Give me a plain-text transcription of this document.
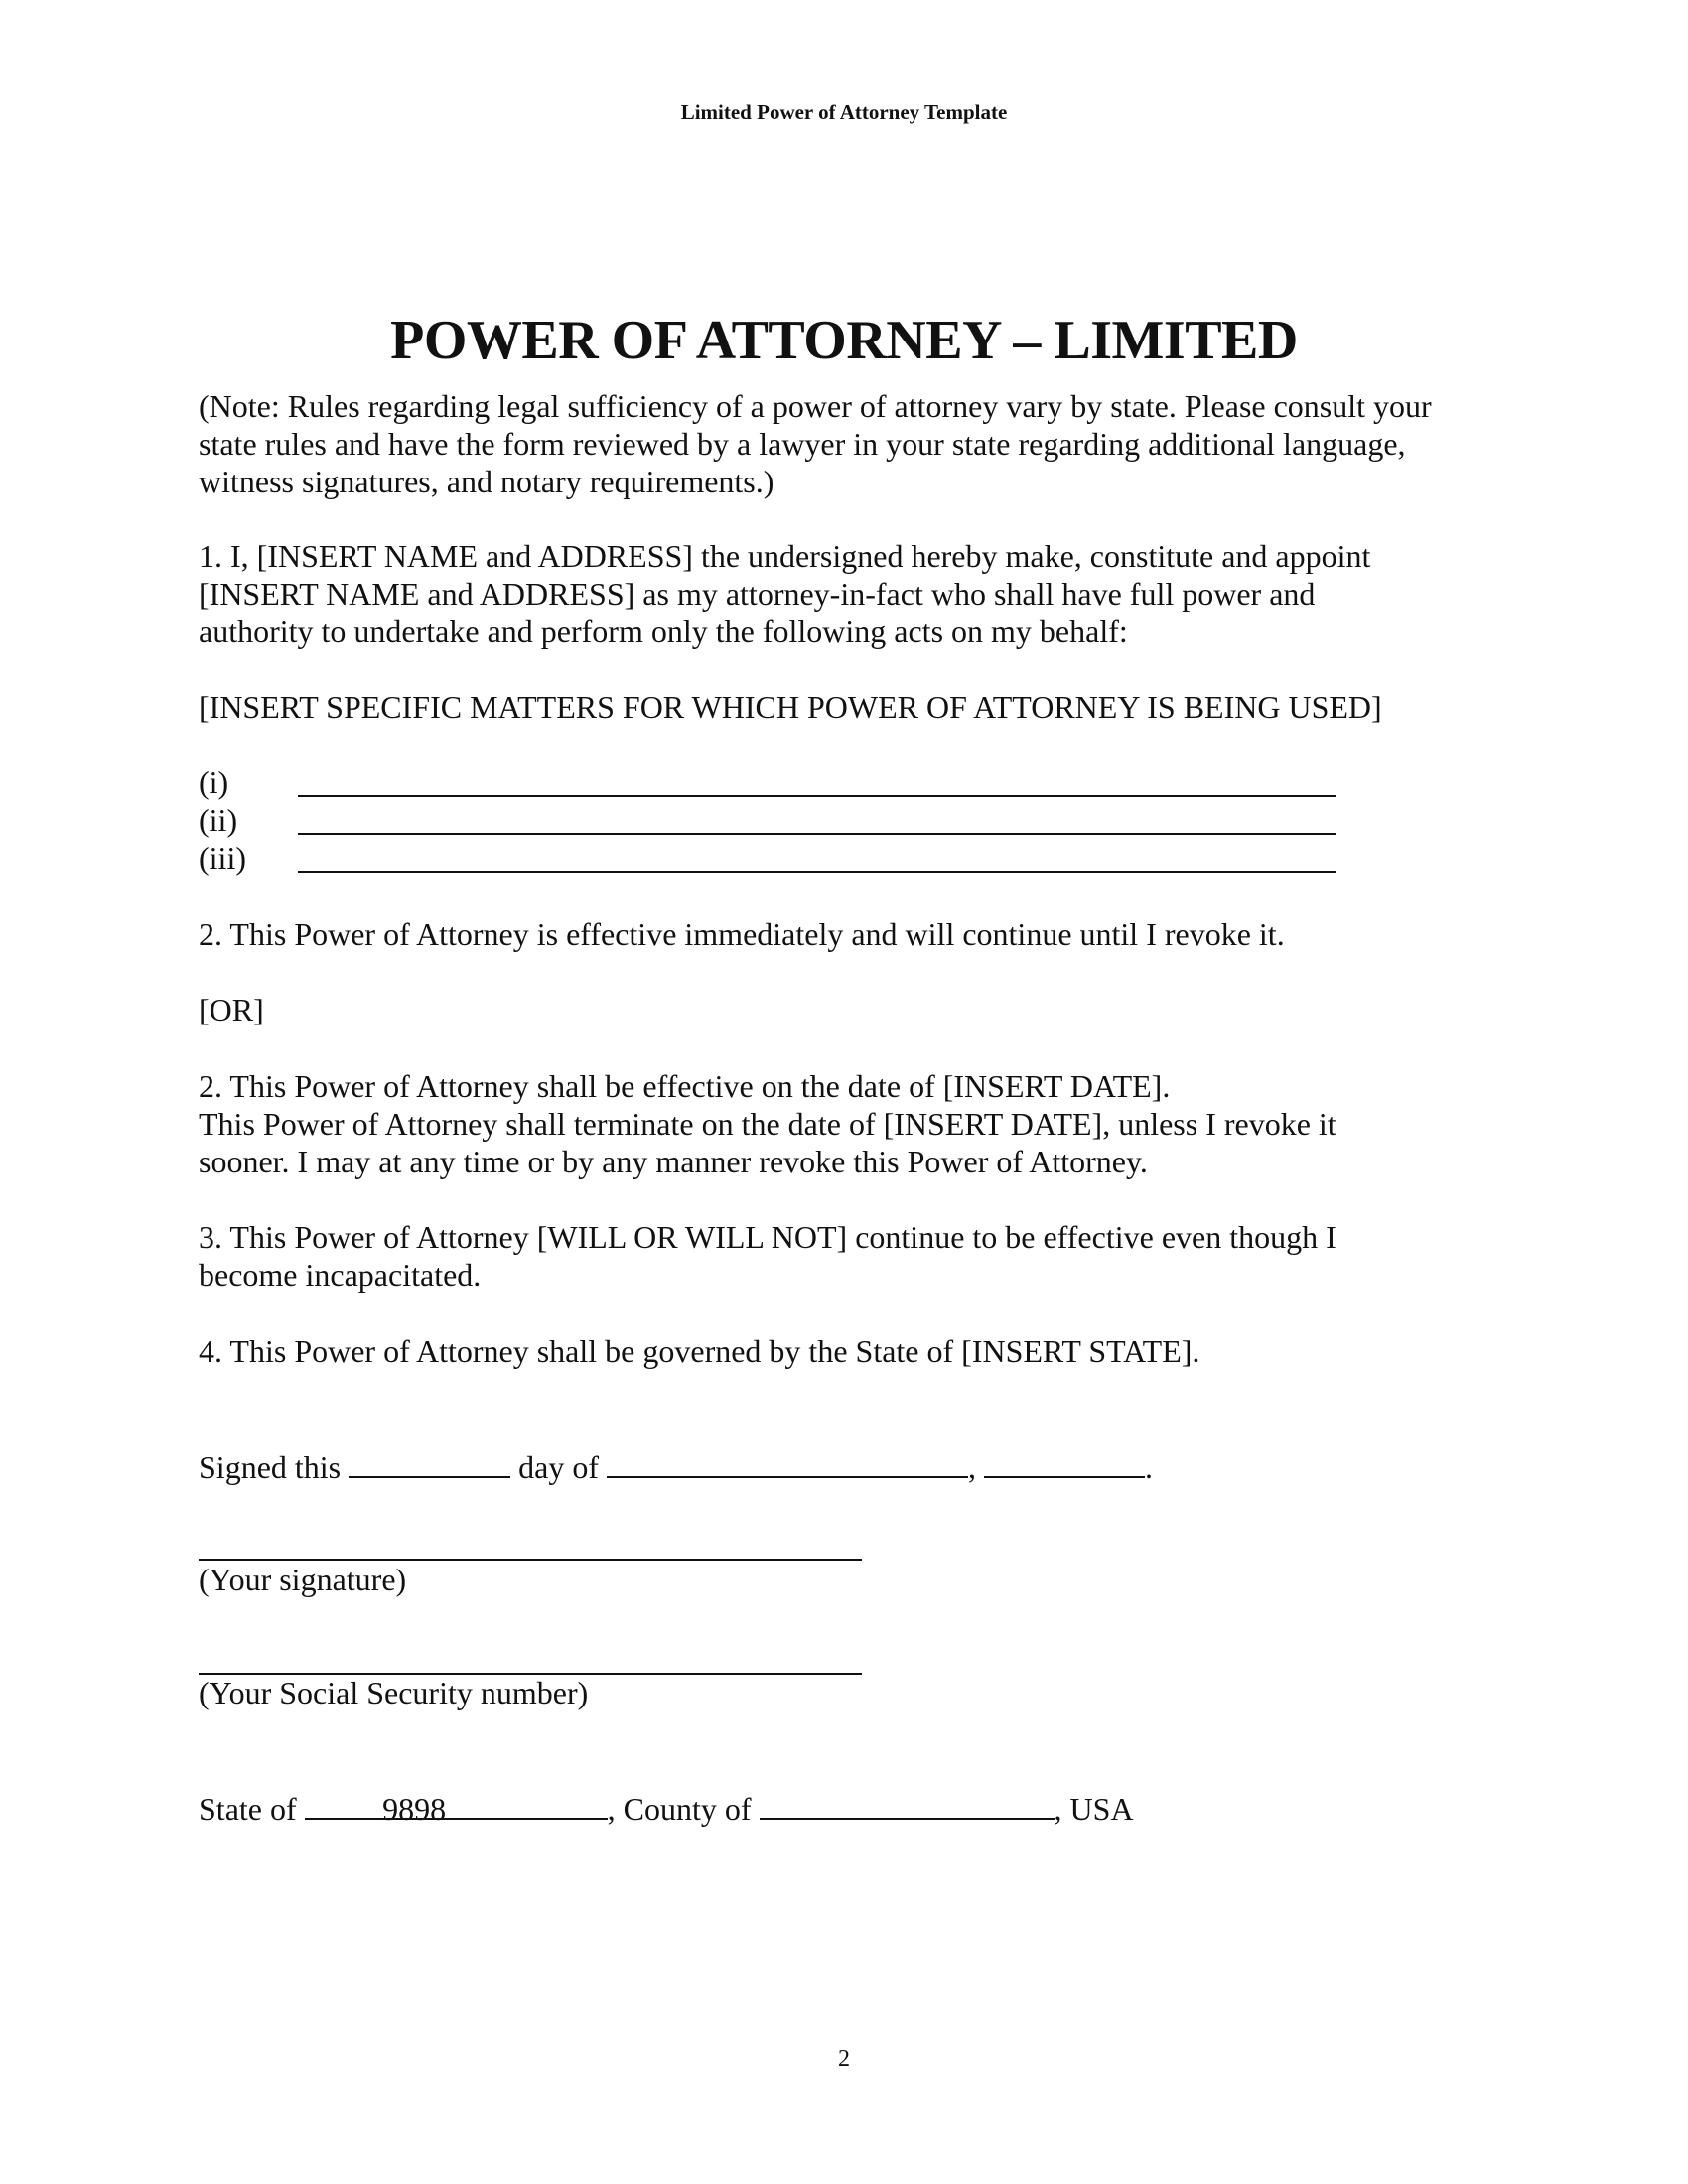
Limited Power of Attorney Template
POWER OF ATTORNEY – LIMITED
(Note: Rules regarding legal sufficiency of a power of attorney vary by state. Please consult your
state rules and have the form reviewed by a lawyer in your state regarding additional language,
witness signatures, and notary requirements.)
1. I, [INSERT NAME and ADDRESS] the undersigned hereby make, constitute and appoint
[INSERT NAME and ADDRESS] as my attorney-in-fact who shall have full power and
authority to undertake and perform only the following acts on my behalf:
[INSERT SPECIFIC MATTERS FOR WHICH POWER OF ATTORNEY IS BEING USED]
(i)
(ii)
(iii)
2. This Power of Attorney is effective immediately and will continue until I revoke it.
[OR]
2. This Power of Attorney shall be effective on the date of [INSERT DATE].
This Power of Attorney shall terminate on the date of [INSERT DATE], unless I revoke it
sooner. I may at any time or by any manner revoke this Power of Attorney.
3. This Power of Attorney [WILL OR WILL NOT] continue to be effective even though I
become incapacitated.
4. This Power of Attorney shall be governed by the State of [INSERT STATE].
Signed this	day of	,	.
(Your signature)
(Your Social Security number)
State of	9898	, County of	, USA
2
